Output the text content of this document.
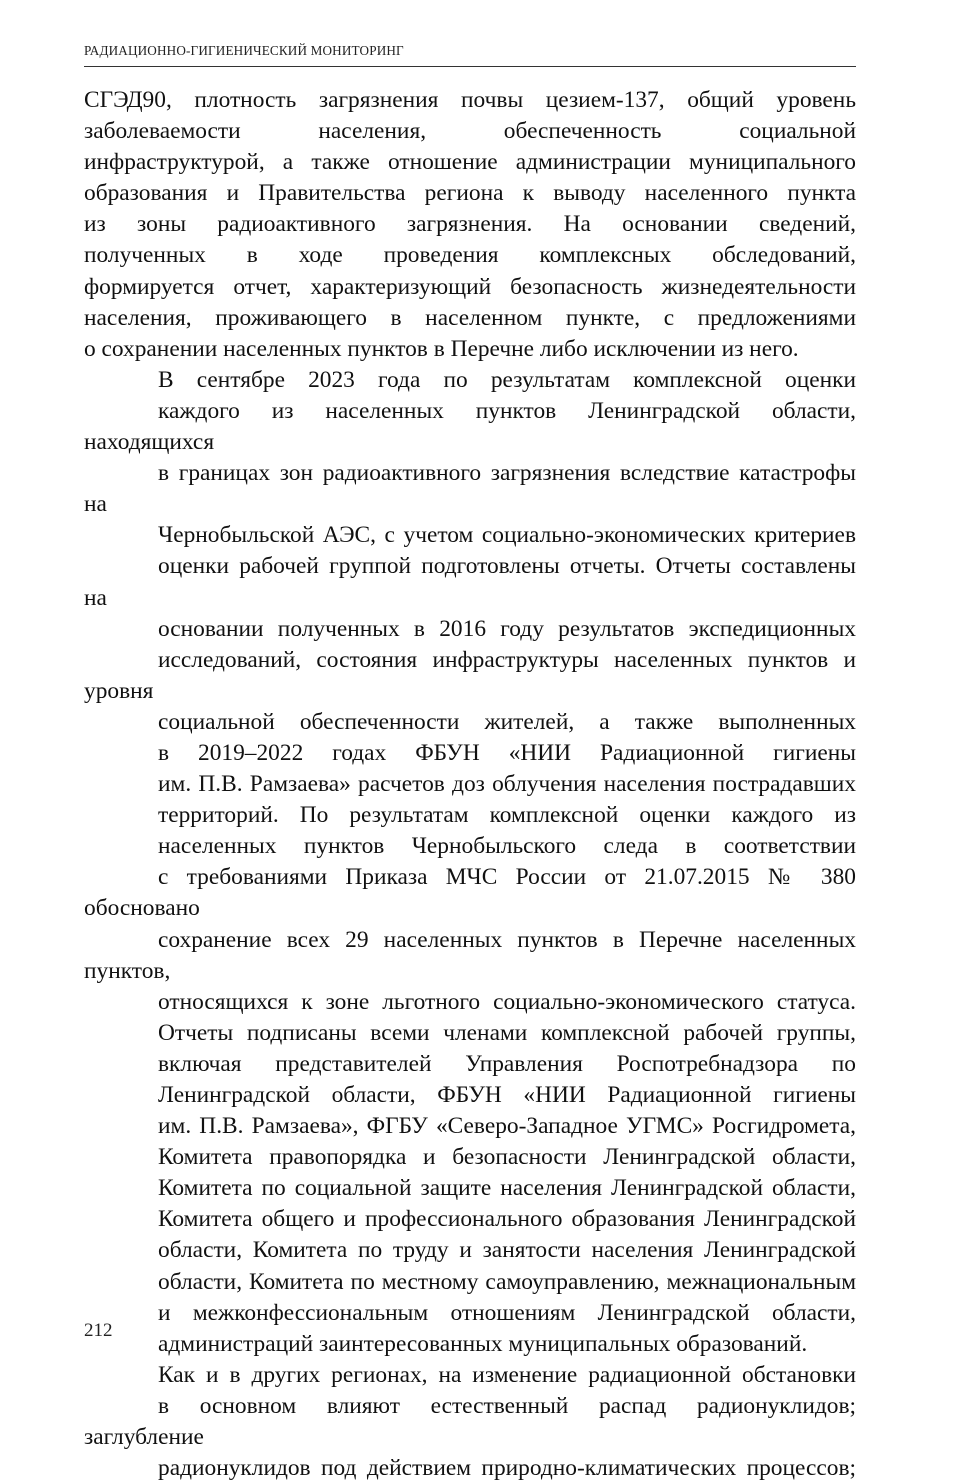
РАДИАЦИОННО-ГИГИЕНИЧЕСКИЙ МОНИТОРИНГ

СГЭД90, плотность загрязнения почвы цезием-137, общий уровень
заболеваемости населения, обеспеченность социальной
инфраструктурой, а также отношение администрации муниципального
образования и Правительства региона к выводу населенного пункта
из зоны радиоактивного загрязнения. На основании сведений,
полученных в ходе проведения комплексных обследований,
формируется отчет, характеризующий безопасность жизнедеятельности
населения, проживающего в населенном пункте, с предложениями
о сохранении населенных пунктов в Перечне либо исключении из него.

В сентябре 2023 года по результатам комплексной оценки
каждого из населенных пунктов Ленинградской области, находящихся
в границах зон радиоактивного загрязнения вследствие катастрофы на
Чернобыльской АЭС, с учетом социально-экономических критериев
оценки рабочей группой подготовлены отчеты. Отчеты составлены на
основании полученных в 2016 году результатов экспедиционных
исследований, состояния инфраструктуры населенных пунктов и уровня
социальной обеспеченности жителей, а также выполненных
в 2019–2022 годах ФБУН «НИИ Радиационной гигиены
им. П.В. Рамзаева» расчетов доз облучения населения пострадавших
территорий. По результатам комплексной оценки каждого из
населенных пунктов Чернобыльского следа в соответствии
с требованиями Приказа МЧС России от 21.07.2015 № 380 обосновано
сохранение всех 29 населенных пунктов в Перечне населенных пунктов,
относящихся к зоне льготного социально-экономического статуса.
Отчеты подписаны всеми членами комплексной рабочей группы,
включая представителей Управления Роспотребнадзора по
Ленинградской области, ФБУН «НИИ Радиационной гигиены
им. П.В. Рамзаева», ФГБУ «Северо-Западное УГМС» Росгидромета,
Комитета правопорядка и безопасности Ленинградской области,
Комитета по социальной защите населения Ленинградской области,
Комитета общего и профессионального образования Ленинградской
области, Комитета по труду и занятости населения Ленинградской
области, Комитета по местному самоуправлению, межнациональным
и межконфессиональным отношениям Ленинградской области,
администраций заинтересованных муниципальных образований.

Как и в других регионах, на изменение радиационной обстановки
в основном влияют естественный распад радионуклидов; заглубление
радионуклидов под действием природно-климатических процессов;

212
